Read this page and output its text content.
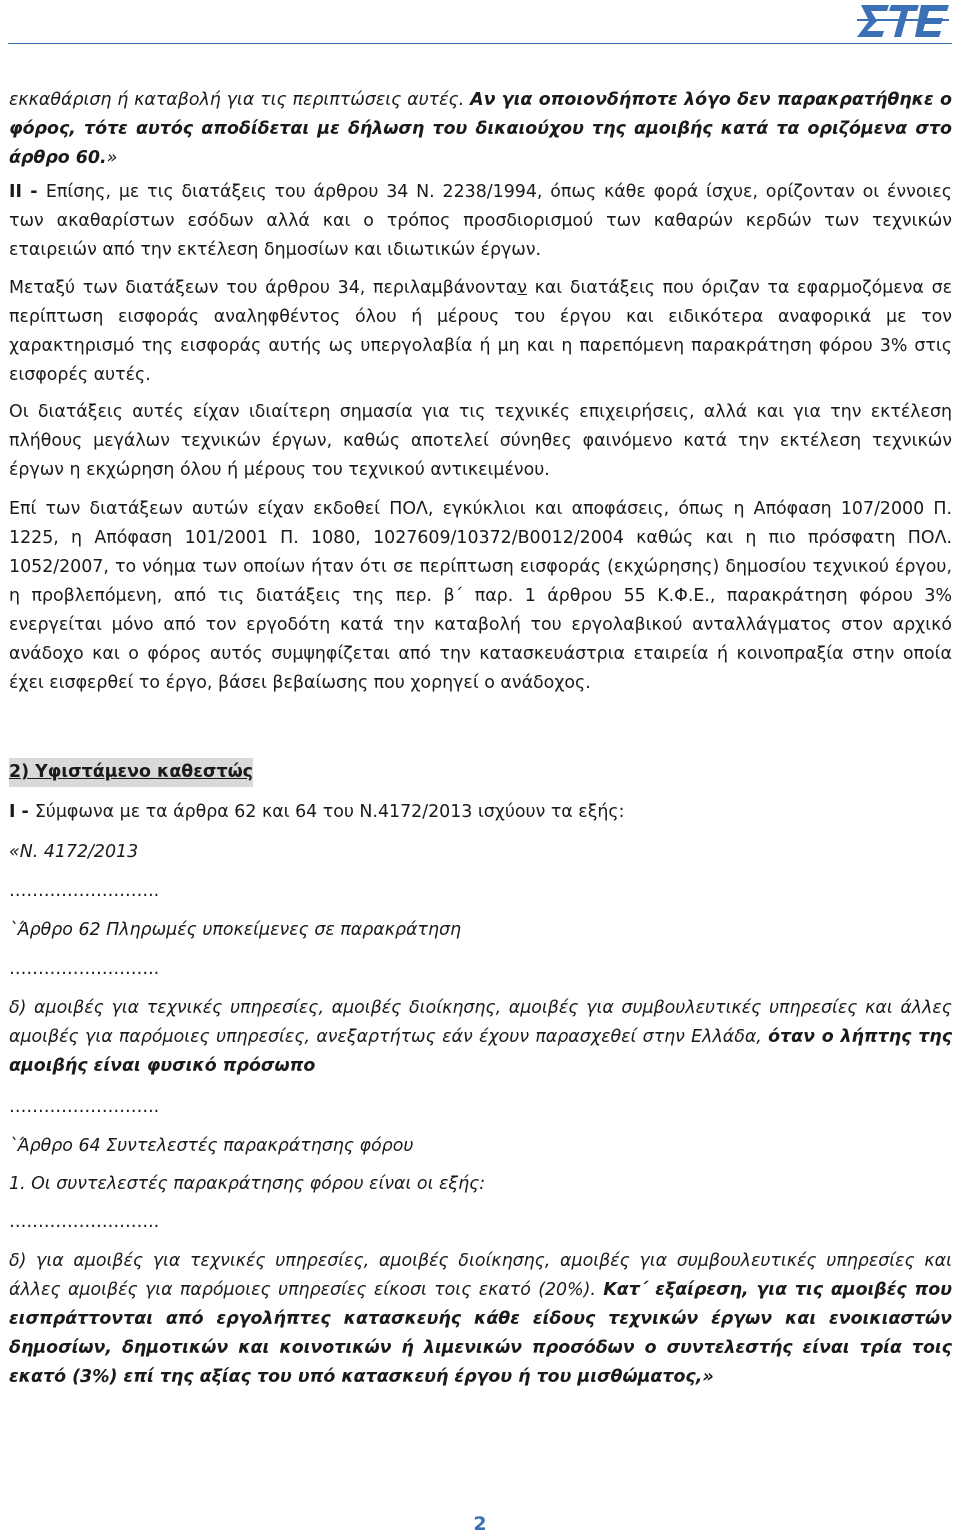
εκκαθάριση ή καταβολή για τις περιπτώσεις αυτές. Αν για οποιονδήποτε λόγο δεν παρακρατήθηκε ο φόρος, τότε αυτός αποδίδεται με δήλωση του δικαιούχου της αμοιβής κατά τα οριζόμενα στο άρθρο 60.»

ΙΙ - Επίσης, με τις διατάξεις του άρθρου 34 Ν. 2238/1994, όπως κάθε φορά ίσχυε, ορίζονταν οι έννοιες των ακαθαρίστων εσόδων αλλά και ο τρόπος προσδιορισμού των καθαρών κερδών των τεχνικών εταιρειών από την εκτέλεση δημοσίων και ιδιωτικών έργων.

Μεταξύ των διατάξεων του άρθρου 34, περιλαμβάνονταν και διατάξεις που όριζαν τα εφαρμοζόμενα σε περίπτωση εισφοράς αναληφθέντος όλου ή μέρους του έργου και ειδικότερα αναφορικά με τον χαρακτηρισμό της εισφοράς αυτής ως υπεργολαβία ή μη και η παρεπόμενη παρακράτηση φόρου 3% στις εισφορές αυτές.

Οι διατάξεις αυτές είχαν ιδιαίτερη σημασία για τις τεχνικές επιχειρήσεις, αλλά και για την εκτέλεση πλήθους μεγάλων τεχνικών έργων, καθώς αποτελεί σύνηθες φαινόμενο κατά την εκτέλεση τεχνικών έργων η εκχώρηση όλου ή μέρους του τεχνικού αντικειμένου.

Επί των διατάξεων αυτών είχαν εκδοθεί ΠΟΛ, εγκύκλιοι και αποφάσεις, όπως η Απόφαση 107/2000 Π. 1225, η Απόφαση 101/2001 Π. 1080, 1027609/10372/Β0012/2004 καθώς και η πιο πρόσφατη ΠΟΛ. 1052/2007, το νόημα των οποίων ήταν ότι σε περίπτωση εισφοράς (εκχώρησης) δημοσίου τεχνικού έργου, η προβλεπόμενη, από τις διατάξεις της περ. β΄ παρ. 1 άρθρου 55 Κ.Φ.Ε., παρακράτηση φόρου 3% ενεργείται μόνο από τον εργοδότη κατά την καταβολή του εργολαβικού ανταλλάγματος στον αρχικό ανάδοχο και ο φόρος αυτός συμψηφίζεται από την κατασκευάστρια εταιρεία ή κοινοπραξία στην οποία έχει εισφερθεί το έργο, βάσει βεβαίωσης που χορηγεί ο ανάδοχος.

2) Υφιστάμενο καθεστώς

Ι - Σύμφωνα με τα άρθρα 62 και 64 του Ν.4172/2013 ισχύουν τα εξής:

«Ν. 4172/2013

……………………..

`Άρθρο 62 Πληρωμές υποκείμενες σε παρακράτηση

……………………..

δ) αμοιβές για τεχνικές υπηρεσίες, αμοιβές διοίκησης, αμοιβές για συμβουλευτικές υπηρεσίες και άλλες αμοιβές για παρόμοιες υπηρεσίες, ανεξαρτήτως εάν έχουν παρασχεθεί στην Ελλάδα, όταν ο λήπτης της αμοιβής είναι φυσικό πρόσωπο

……………………..

`Άρθρο 64 Συντελεστές παρακράτησης φόρου

1. Οι συντελεστές παρακράτησης φόρου είναι οι εξής:

……………………..

δ) για αμοιβές για τεχνικές υπηρεσίες, αμοιβές διοίκησης, αμοιβές για συμβουλευτικές υπηρεσίες και άλλες αμοιβές για παρόμοιες υπηρεσίες είκοσι τοις εκατό (20%). Κατ΄ εξαίρεση, για τις αμοιβές που εισπράττονται από εργολήπτες κατασκευής κάθε είδους τεχνικών έργων και ενοικιαστών δημοσίων, δημοτικών και κοινοτικών ή λιμενικών προσόδων ο συντελεστής είναι τρία τοις εκατό (3%) επί της αξίας του υπό κατασκευή έργου ή του μισθώματος,»

2
